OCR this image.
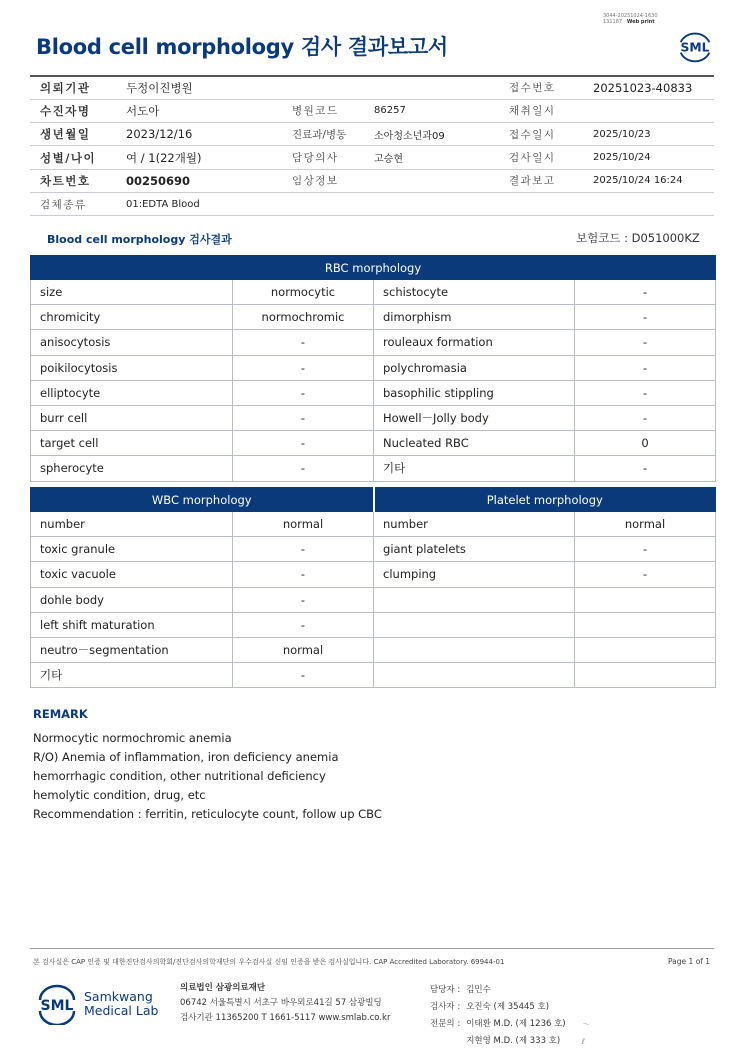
3044-20251024-1630
131187 Web print
Blood cell morphology 검사 결과보고서	SML
의뢰기관	두정이진병원			접수번호	20251023-40833
수진자명	서도아	병원코드	86257	채취일시	
생년월일	2023/12/16	진료과/병동	소아청소년과09	접수일시	2025/10/23
성별/나이	여 / 1(22개월)	담당의사	고승현	검사일시	2025/10/24
차트번호	00250690	임상정보		결과보고	2025/10/24 16:24
검체종류	01:EDTA Blood				
Blood cell morphology 검사결과	보험코드 : D051000KZ
RBC morphology			
size	normocytic	schistocyte	-
chromicity	normochromic	dimorphism	-
anisocytosis	-	rouleaux formation	-
poikilocytosis	-	polychromasia	-
elliptocyte	-	basophilic stippling	-
burr cell	-	Howell－Jolly body	-
target cell	-	Nucleated RBC	0
spherocyte	-	기타	-
WBC morphology		Platelet morphology	
number	normal	number	normal
toxic granule	-	giant platelets	-
toxic vacuole	-	clumping	-
dohle body	-		
left shift maturation	-		
neutro－segmentation	normal		
기타	-		
REMARK
Normocytic normochromic anemia
R/O) Anemia of inflammation, iron deficiency anemia
hemorrhagic condition, other nutritional deficiency
hemolytic condition, drug, etc
Recommendation : ferritin, reticulocyte count, follow up CBC
본 검사실은 CAP 인증 및 대한진단검사의학회/진단검사의학재단의 우수검사실 신임 인증을 받은 검사실입니다. CAP Accredited Laboratory. 69944-01	Page 1 of 1
SML
Samkwang
Medical Lab
의료법인 삼광의료재단
06742 서울특별시 서초구 바우뫼로41길 57 삼광빌딩
검사기관 11365200 T 1661-5117 www.smlab.co.kr
담당자 :	김민수	
검사자 :	오진숙 (제 35445 호)	
전문의 :	이태환 M.D. (제 1236 호)	〜
	지현영 M.D. (제 333 호)	ℓ
